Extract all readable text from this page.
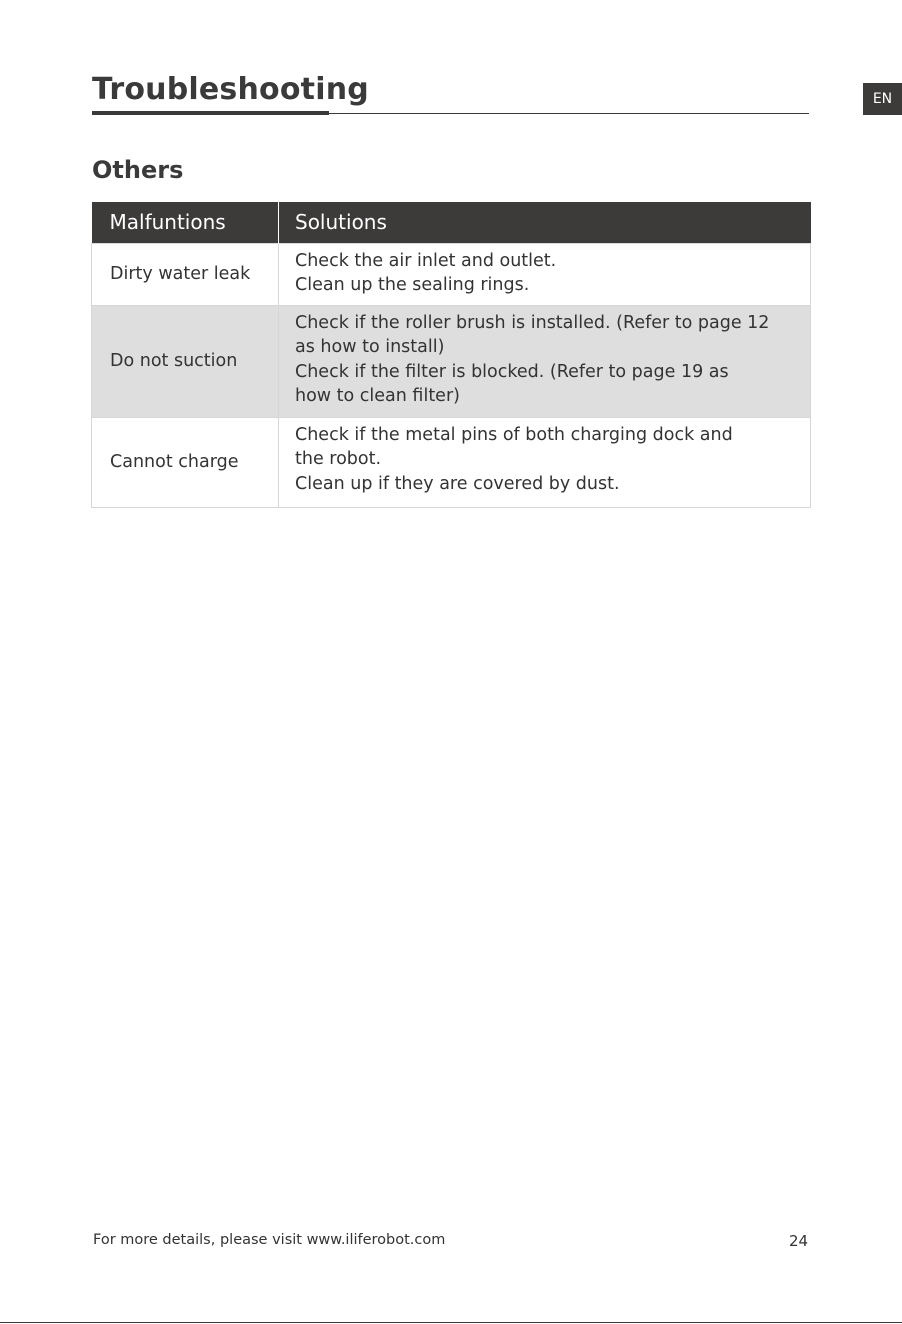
Troubleshooting	EN
Others
Malfuntions	Solutions
Dirty water leak	Check the air inlet and outlet.
Clean up the sealing rings.

Do not suction	Check if the roller brush is installed. (Refer to page 12
as how to install)
Check if the filter is blocked. (Refer to page 19 as
how to clean filter)

Cannot charge	Check if the metal pins of both charging dock and
the robot.
Clean up if they are covered by dust.
For more details, please visit www.iliferobot.com	24
